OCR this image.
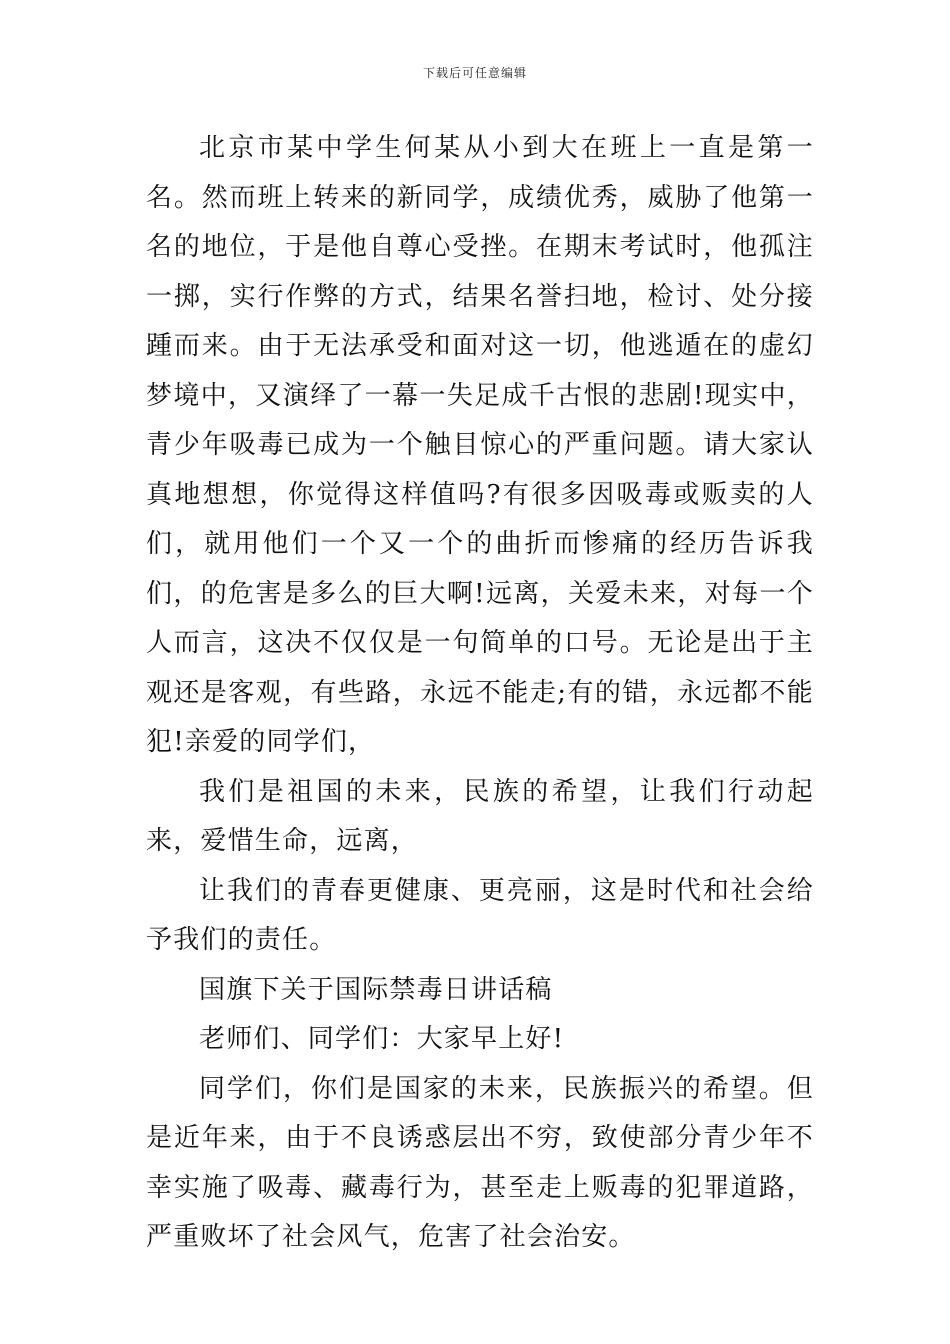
下载后可任意编辑

北京市某中学生何某从小到大在班上一直是第一名。然而班上转来的新同学，成绩优秀，威胁了他第一名的地位，于是他自尊心受挫。在期末考试时，他孤注一掷，实行作弊的方式，结果名誉扫地，检讨、处分接踵而来。由于无法承受和面对这一切，他逃遁在的虚幻梦境中，又演绎了一幕一失足成千古恨的悲剧!现实中，青少年吸毒已成为一个触目惊心的严重问题。请大家认真地想想，你觉得这样值吗?有很多因吸毒或贩卖的人们，就用他们一个又一个的曲折而惨痛的经历告诉我们，的危害是多么的巨大啊!远离，关爱未来，对每一个人而言，这决不仅仅是一句简单的口号。无论是出于主观还是客观，有些路，永远不能走;有的错，永远都不能犯!亲爱的同学们，

我们是祖国的未来，民族的希望，让我们行动起来，爱惜生命，远离，

让我们的青春更健康、更亮丽，这是时代和社会给予我们的责任。

国旗下关于国际禁毒日讲话稿

老师们、同学们：大家早上好!

同学们，你们是国家的未来，民族振兴的希望。但是近年来，由于不良诱惑层出不穷，致使部分青少年不幸实施了吸毒、藏毒行为，甚至走上贩毒的犯罪道路，严重败坏了社会风气，危害了社会治安。
